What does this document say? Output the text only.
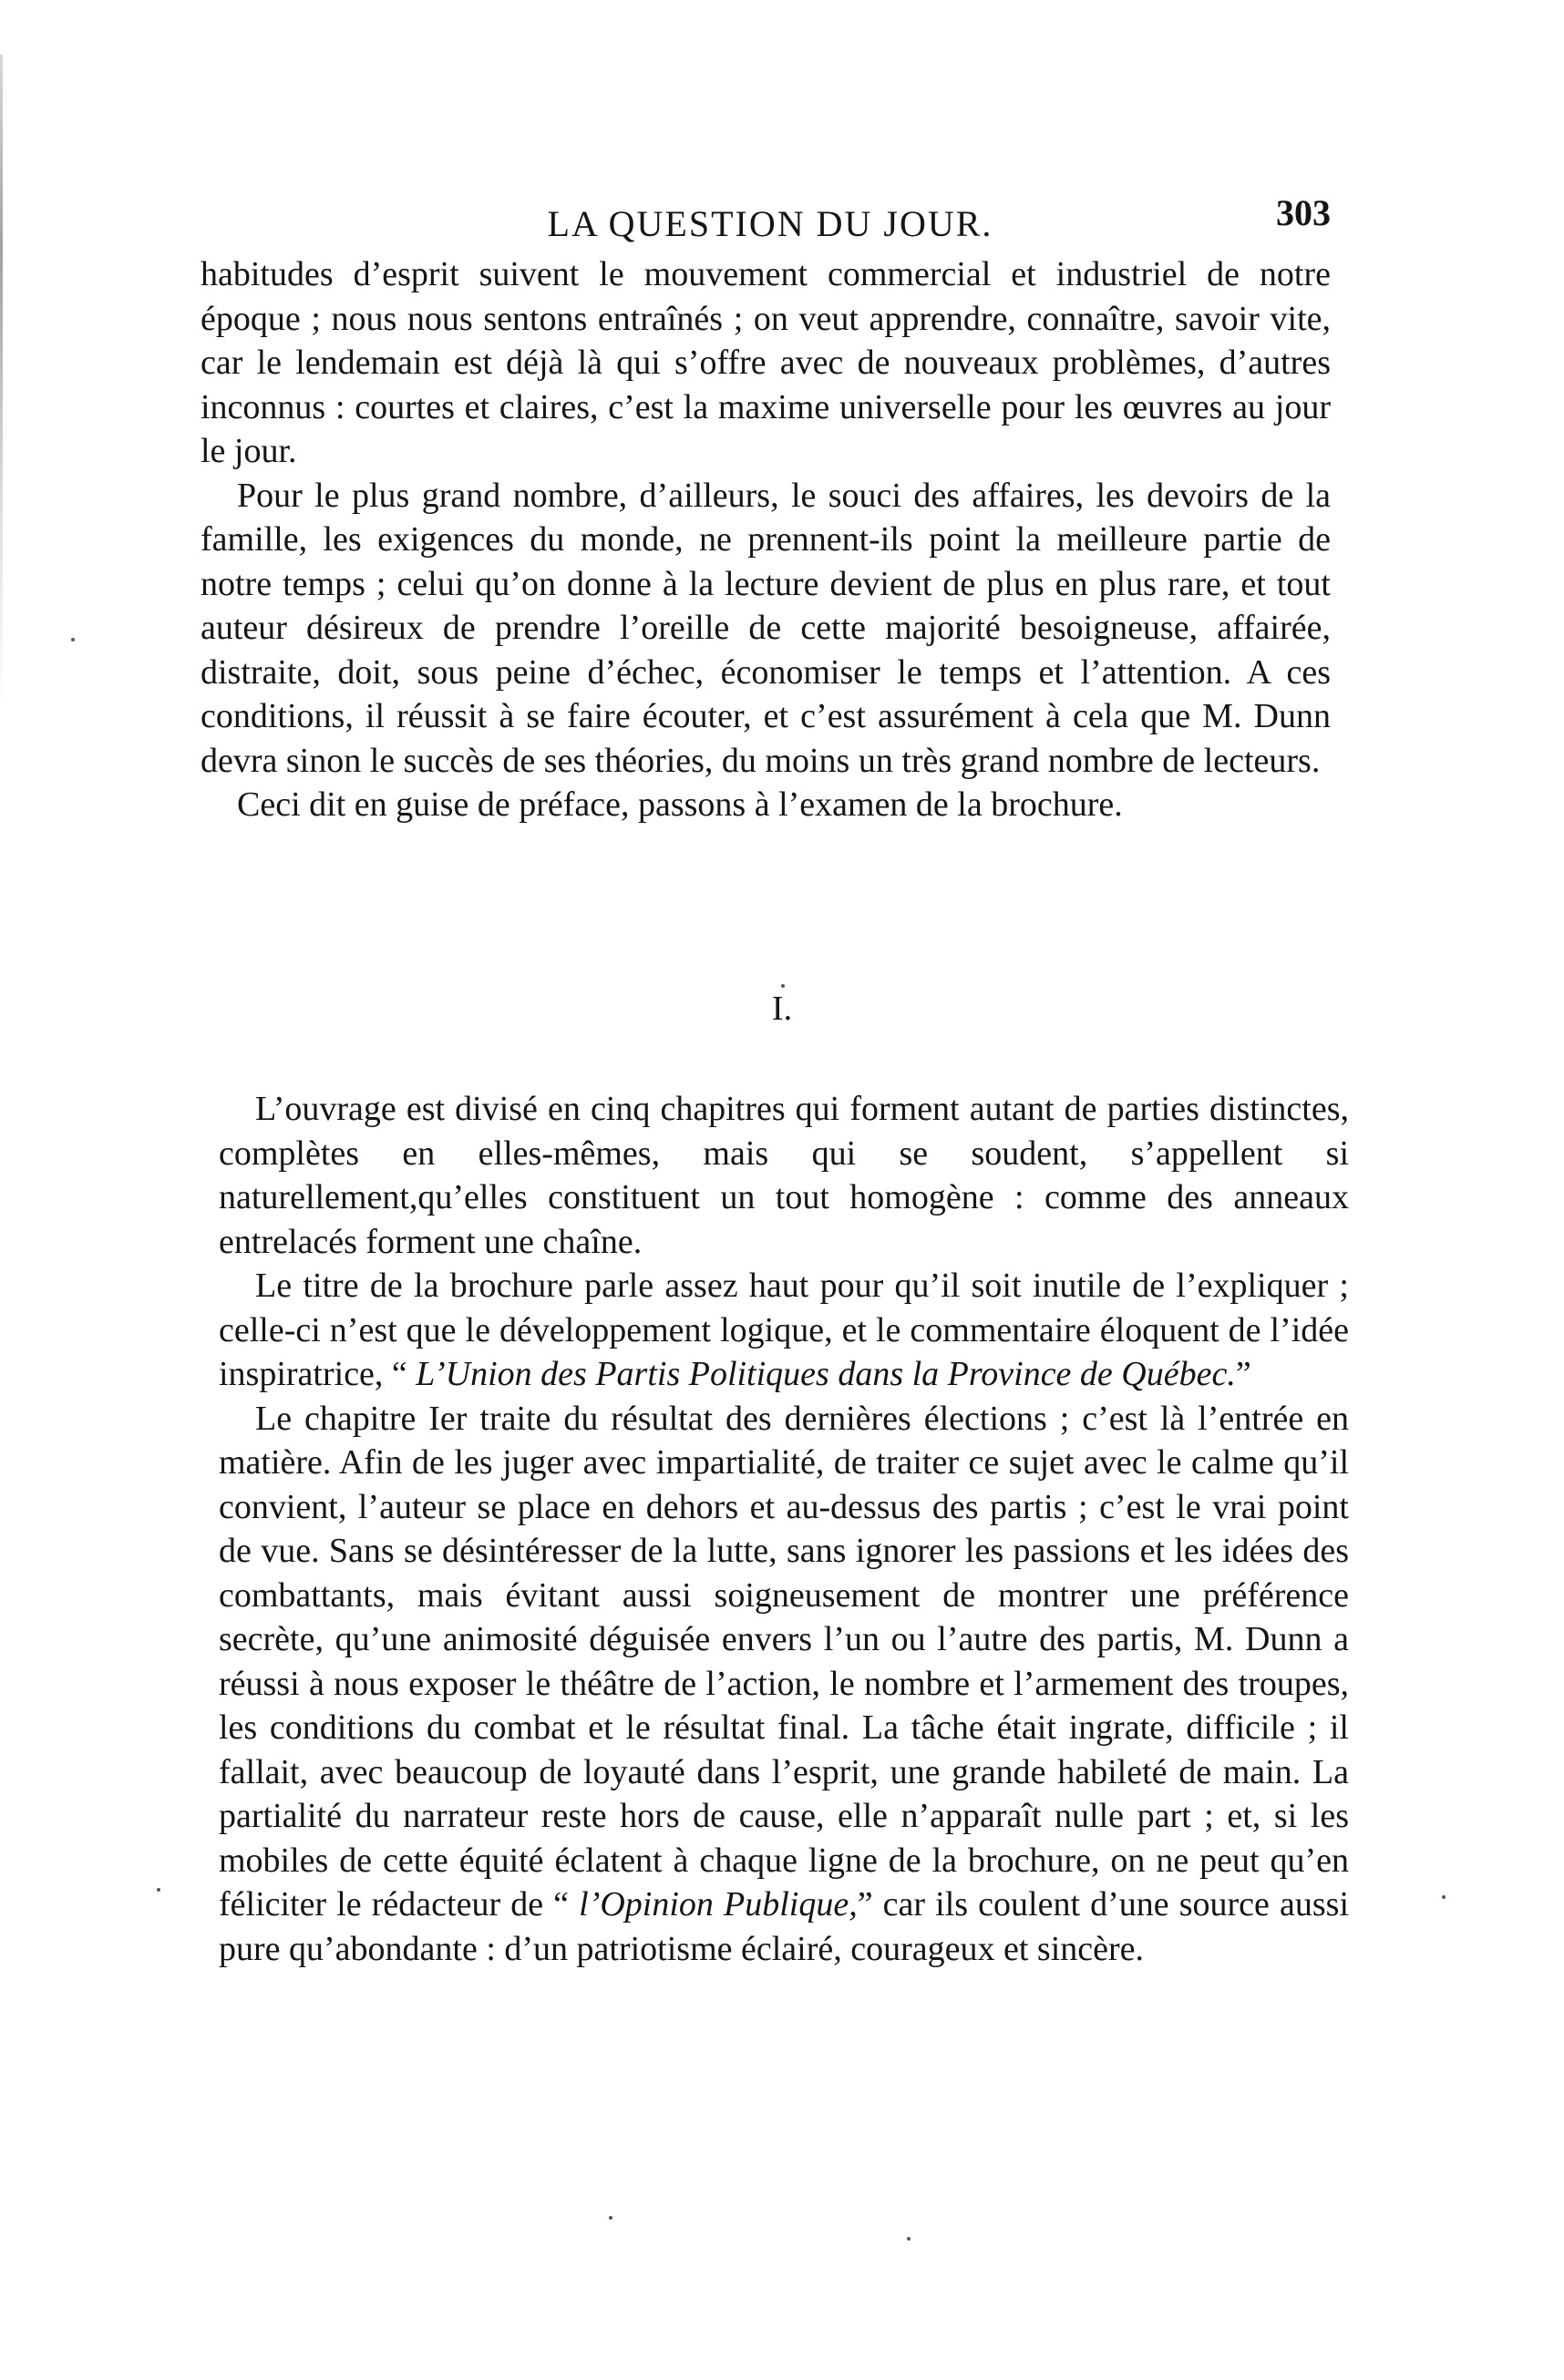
LA QUESTION DU JOUR.	303

habitudes d’esprit suivent le mouvement commercial et industriel de notre époque ; nous nous sentons entraînés ; on veut apprendre, connaître, savoir vite, car le lendemain est déjà là qui s’offre avec de nouveaux problèmes, d’autres inconnus : courtes et claires, c’est la maxime universelle pour les œuvres au jour le jour.

Pour le plus grand nombre, d’ailleurs, le souci des affaires, les devoirs de la famille, les exigences du monde, ne prennent-ils point la meilleure partie de notre temps ; celui qu’on donne à la lecture devient de plus en plus rare, et tout auteur désireux de prendre l’oreille de cette majorité besoigneuse, affairée, distraite, doit, sous peine d’échec, économiser le temps et l’attention. A ces conditions, il réussit à se faire écouter, et c’est assurément à cela que M. Dunn devra sinon le succès de ses théories, du moins un très grand nombre de lecteurs.

Ceci dit en guise de préface, passons à l’examen de la brochure.

I.

L’ouvrage est divisé en cinq chapitres qui forment autant de parties distinctes, complètes en elles-mêmes, mais qui se soudent, s’appellent si naturellement,qu’elles constituent un tout homogène : comme des anneaux entrelacés forment une chaîne.

Le titre de la brochure parle assez haut pour qu’il soit inutile de l’expliquer ; celle-ci n’est que le développement logique, et le commentaire éloquent de l’idée inspiratrice, “ L’Union des Partis Politiques dans la Province de Québec.”

Le chapitre Ier traite du résultat des dernières élections ; c’est là l’entrée en matière. Afin de les juger avec impartialité, de traiter ce sujet avec le calme qu’il convient, l’auteur se place en dehors et au-dessus des partis ; c’est le vrai point de vue. Sans se désintéresser de la lutte, sans ignorer les passions et les idées des combattants, mais évitant aussi soigneusement de montrer une préférence secrète, qu’une animosité déguisée envers l’un ou l’autre des partis, M. Dunn a réussi à nous exposer le théâtre de l’action, le nombre et l’armement des troupes, les conditions du combat et le résultat final. La tâche était ingrate, difficile ; il fallait, avec beaucoup de loyauté dans l’esprit, une grande habileté de main. La partialité du narrateur reste hors de cause, elle n’apparaît nulle part ; et, si les mobiles de cette équité éclatent à chaque ligne de la brochure, on ne peut qu’en féliciter le rédacteur de “ l’Opinion Publique,” car ils coulent d’une source aussi pure qu’abondante : d’un patriotisme éclairé, courageux et sincère.
